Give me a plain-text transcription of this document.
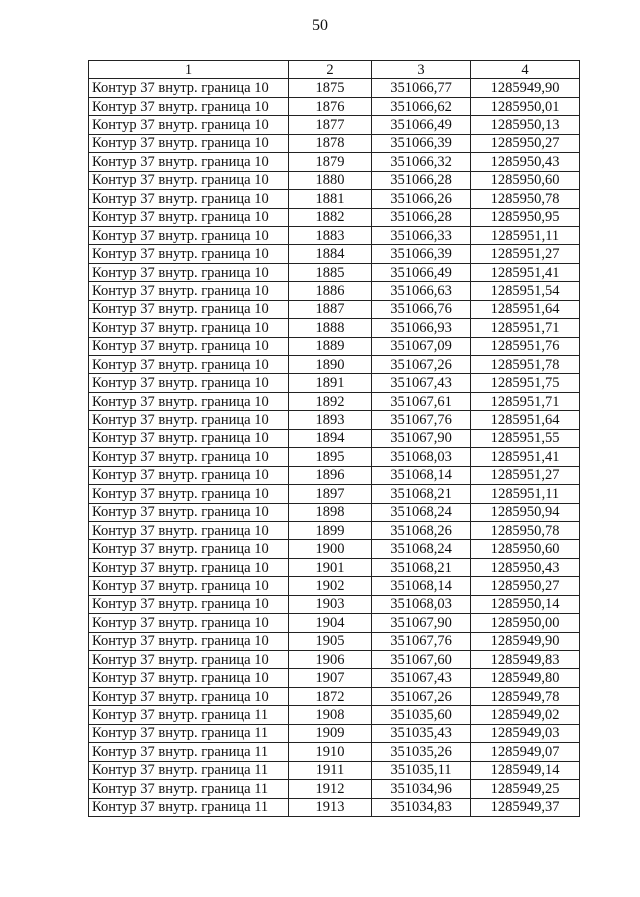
50
1	2	3	4
Контур 37 внутр. граница 10	1875	351066,77	1285949,90
Контур 37 внутр. граница 10	1876	351066,62	1285950,01
Контур 37 внутр. граница 10	1877	351066,49	1285950,13
Контур 37 внутр. граница 10	1878	351066,39	1285950,27
Контур 37 внутр. граница 10	1879	351066,32	1285950,43
Контур 37 внутр. граница 10	1880	351066,28	1285950,60
Контур 37 внутр. граница 10	1881	351066,26	1285950,78
Контур 37 внутр. граница 10	1882	351066,28	1285950,95
Контур 37 внутр. граница 10	1883	351066,33	1285951,11
Контур 37 внутр. граница 10	1884	351066,39	1285951,27
Контур 37 внутр. граница 10	1885	351066,49	1285951,41
Контур 37 внутр. граница 10	1886	351066,63	1285951,54
Контур 37 внутр. граница 10	1887	351066,76	1285951,64
Контур 37 внутр. граница 10	1888	351066,93	1285951,71
Контур 37 внутр. граница 10	1889	351067,09	1285951,76
Контур 37 внутр. граница 10	1890	351067,26	1285951,78
Контур 37 внутр. граница 10	1891	351067,43	1285951,75
Контур 37 внутр. граница 10	1892	351067,61	1285951,71
Контур 37 внутр. граница 10	1893	351067,76	1285951,64
Контур 37 внутр. граница 10	1894	351067,90	1285951,55
Контур 37 внутр. граница 10	1895	351068,03	1285951,41
Контур 37 внутр. граница 10	1896	351068,14	1285951,27
Контур 37 внутр. граница 10	1897	351068,21	1285951,11
Контур 37 внутр. граница 10	1898	351068,24	1285950,94
Контур 37 внутр. граница 10	1899	351068,26	1285950,78
Контур 37 внутр. граница 10	1900	351068,24	1285950,60
Контур 37 внутр. граница 10	1901	351068,21	1285950,43
Контур 37 внутр. граница 10	1902	351068,14	1285950,27
Контур 37 внутр. граница 10	1903	351068,03	1285950,14
Контур 37 внутр. граница 10	1904	351067,90	1285950,00
Контур 37 внутр. граница 10	1905	351067,76	1285949,90
Контур 37 внутр. граница 10	1906	351067,60	1285949,83
Контур 37 внутр. граница 10	1907	351067,43	1285949,80
Контур 37 внутр. граница 10	1872	351067,26	1285949,78
Контур 37 внутр. граница 11	1908	351035,60	1285949,02
Контур 37 внутр. граница 11	1909	351035,43	1285949,03
Контур 37 внутр. граница 11	1910	351035,26	1285949,07
Контур 37 внутр. граница 11	1911	351035,11	1285949,14
Контур 37 внутр. граница 11	1912	351034,96	1285949,25
Контур 37 внутр. граница 11	1913	351034,83	1285949,37
